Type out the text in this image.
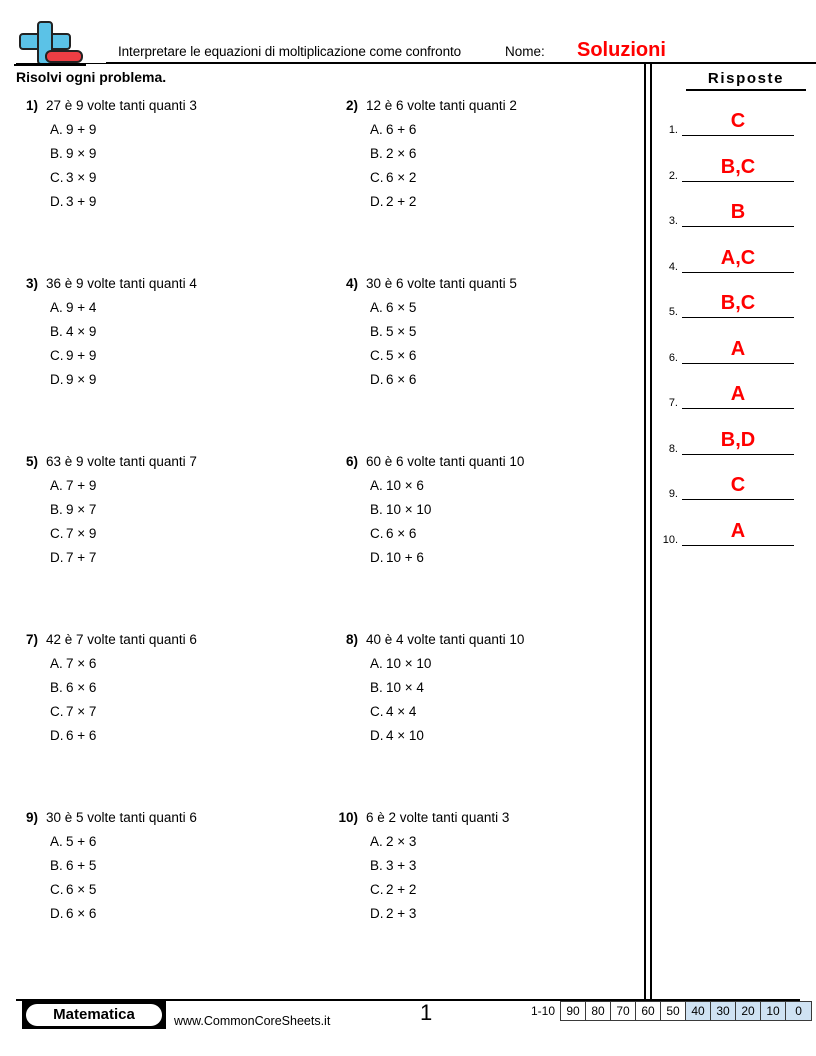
Interpretare le equazioni di moltiplicazione come confronto	Nome: Soluzioni
Risolvi ogni problema.
1) 27 è 9 volte tanti quanti 3
A. 9 + 9
B. 9 × 9
C. 3 × 9
D. 3 + 9
3) 36 è 9 volte tanti quanti 4
A. 9 + 4
B. 4 × 9
C. 9 + 9
D. 9 × 9
5) 63 è 9 volte tanti quanti 7
A. 7 + 9
B. 9 × 7
C. 7 × 9
D. 7 + 7
7) 42 è 7 volte tanti quanti 6
A. 7 × 6
B. 6 × 6
C. 7 × 7
D. 6 + 6
9) 30 è 5 volte tanti quanti 6
A. 5 + 6
B. 6 + 5
C. 6 × 5
D. 6 × 6
2) 12 è 6 volte tanti quanti 2
A. 6 + 6
B. 2 × 6
C. 6 × 2
D. 2 + 2
4) 30 è 6 volte tanti quanti 5
A. 6 × 5
B. 5 × 5
C. 5 × 6
D. 6 × 6
6) 60 è 6 volte tanti quanti 10
A. 10 × 6
B. 10 × 10
C. 6 × 6
D. 10 + 6
8) 40 è 4 volte tanti quanti 10
A. 10 × 10
B. 10 × 4
C. 4 × 4
D. 4 × 10
10) 6 è 2 volte tanti quanti 3
A. 2 × 3
B. 3 + 3
C. 2 + 2
D. 2 + 3
Risposte
1.	C
2.	B,C
3.	B
4.	A,C
5.	B,C
6.	A
7.	A
8.	B,D
9.	C
10.	A
Matematica	www.CommonCoreSheets.it	1	1-10 90 80 70 60 50 40 30 20 10	0
